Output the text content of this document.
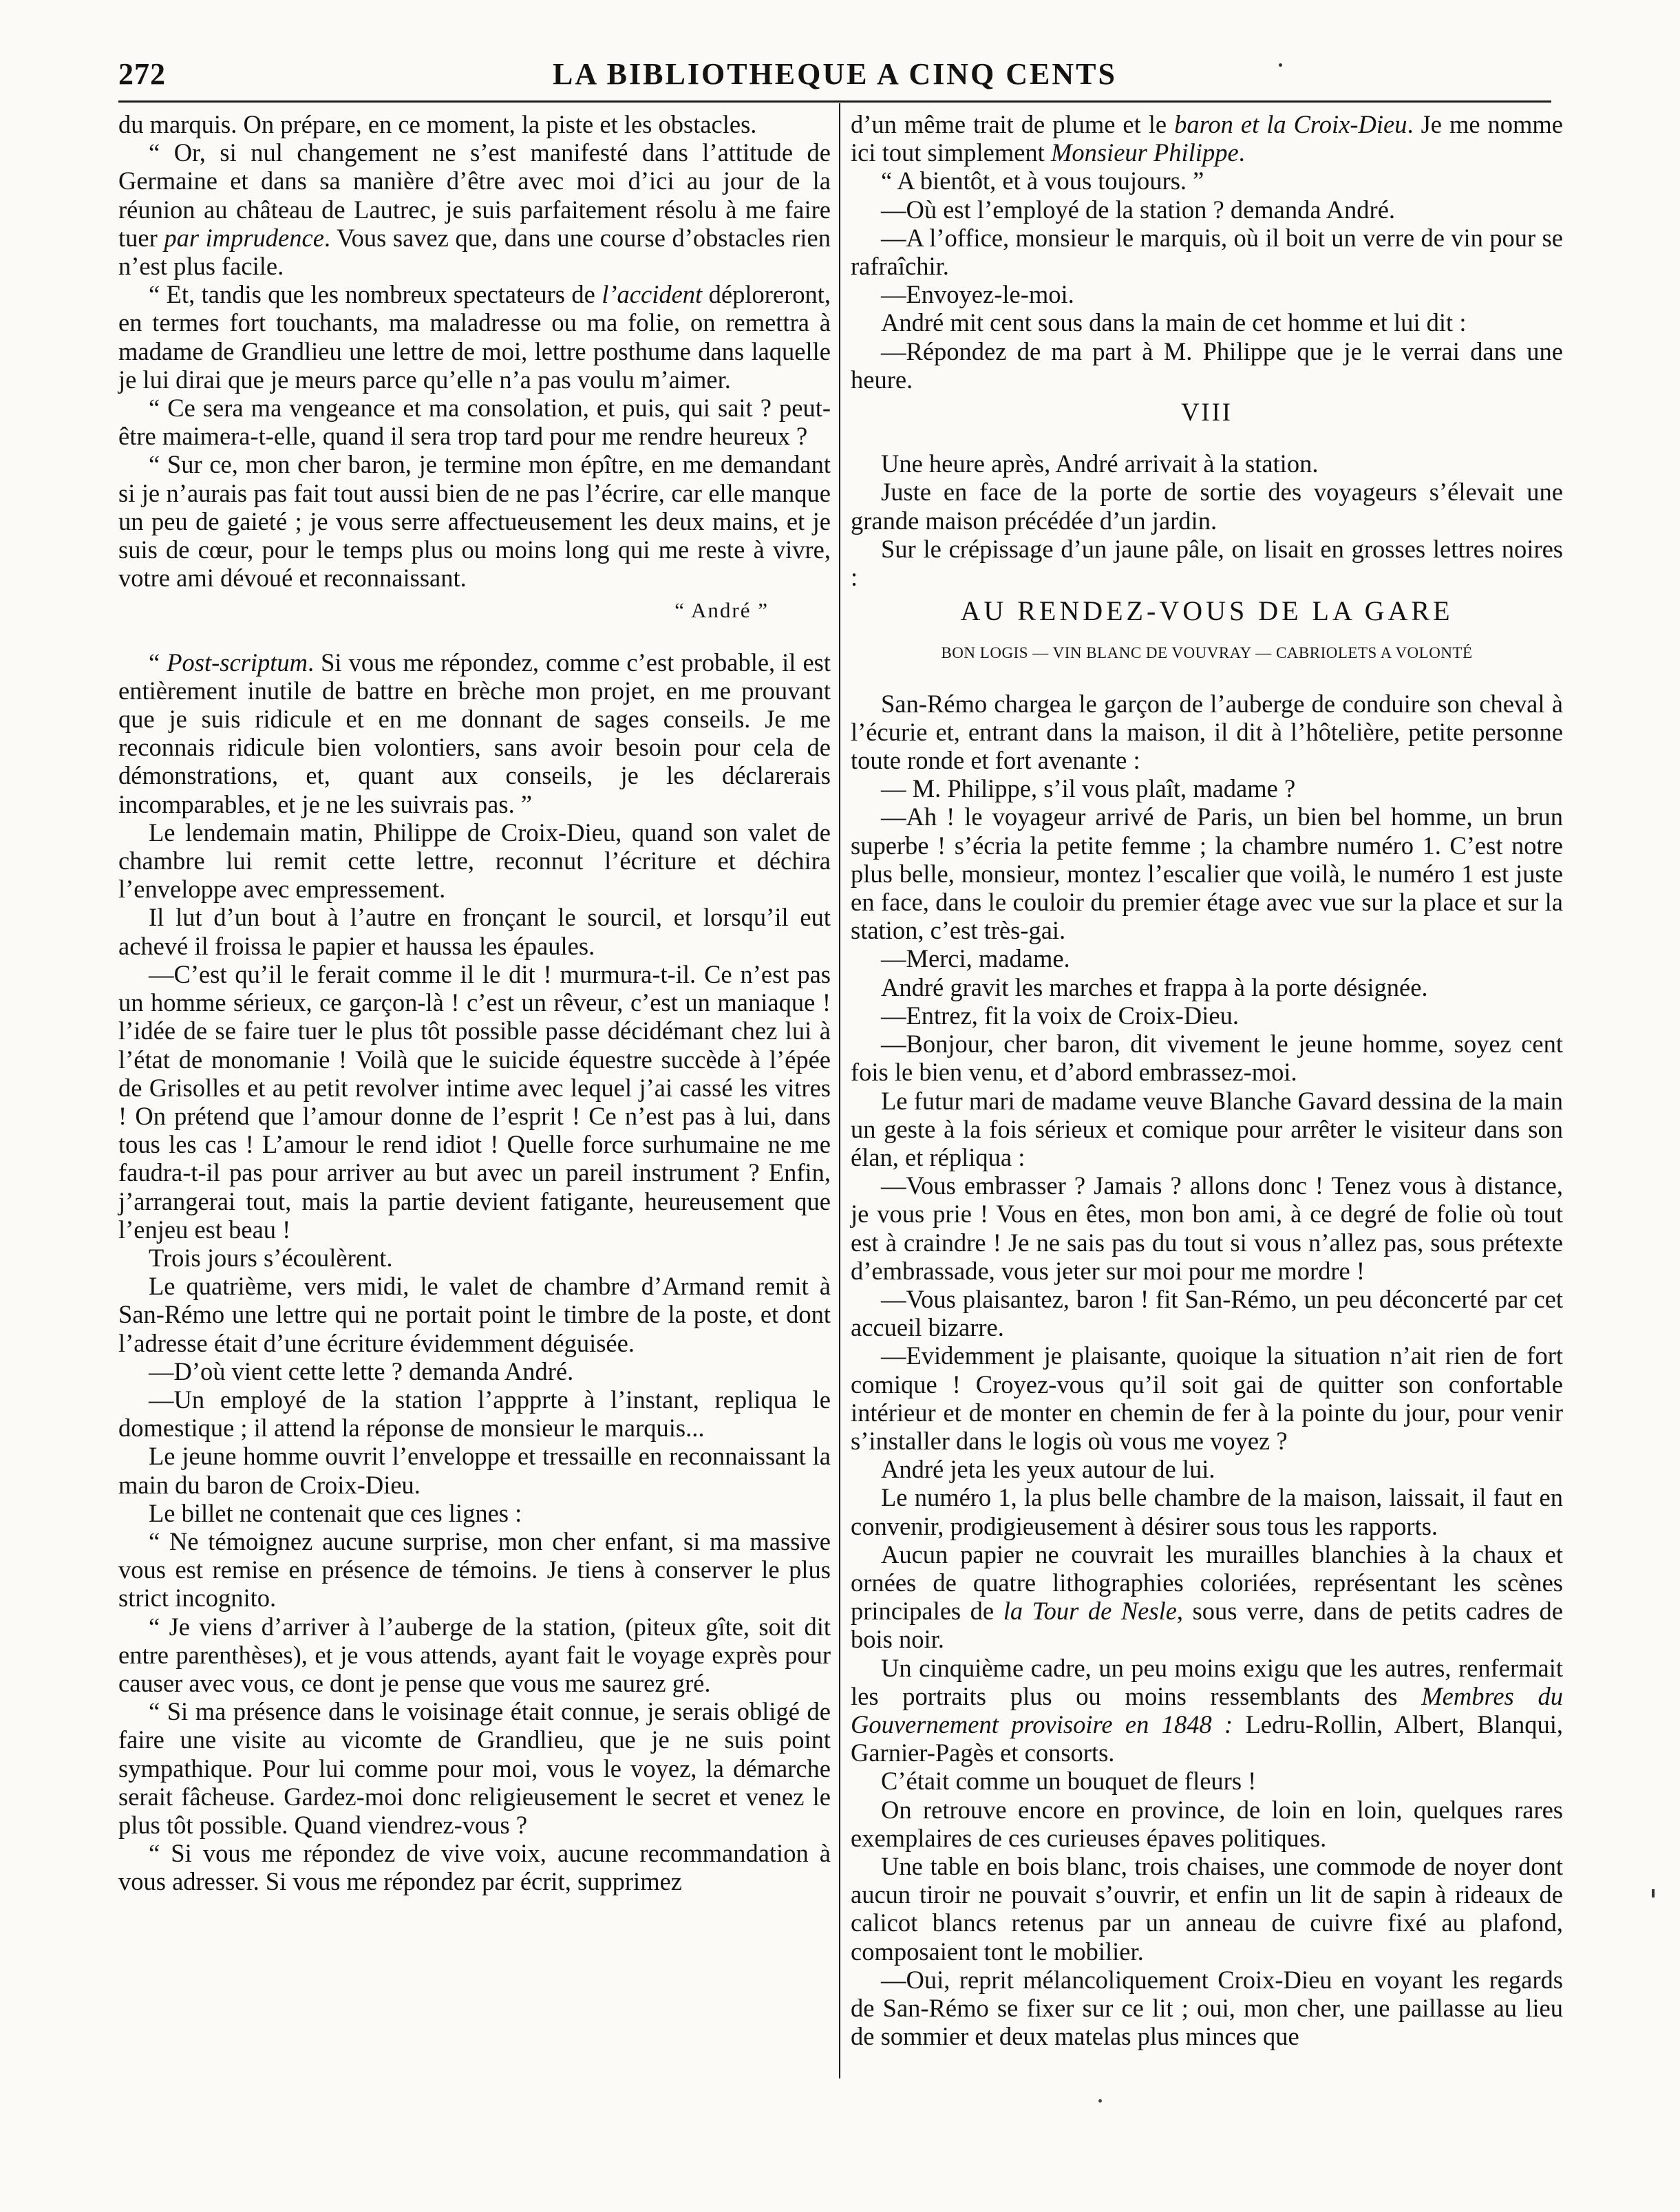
272	LA BIBLIOTHEQUE A CINQ CENTS

du marquis. On prépare, en ce moment, la piste et les obstacles.

“ Or, si nul changement ne s’est manifesté dans l’attitude de Germaine et dans sa manière d’être avec moi d’ici au jour de la réunion au château de Lautrec, je suis parfaitement résolu à me faire tuer par imprudence. Vous savez que, dans une course d’obstacles rien n’est plus facile.

“ Et, tandis que les nombreux spectateurs de l’accident déploreront, en termes fort touchants, ma maladresse ou ma folie, on remettra à madame de Grandlieu une lettre de moi, lettre posthume dans laquelle je lui dirai que je meurs parce qu’elle n’a pas voulu m’aimer.

“ Ce sera ma vengeance et ma consolation, et puis, qui sait ? peut-être maimera-t-elle, quand il sera trop tard pour me rendre heureux ?

“ Sur ce, mon cher baron, je termine mon épître, en me demandant si je n’aurais pas fait tout aussi bien de ne pas l’écrire, car elle manque un peu de gaieté ; je vous serre affectueusement les deux mains, et je suis de cœur, pour le temps plus ou moins long qui me reste à vivre, votre ami dévoué et reconnaissant.

“ André ”

“ Post-scriptum. Si vous me répondez, comme c’est probable, il est entièrement inutile de battre en brèche mon projet, en me prouvant que je suis ridicule et en me donnant de sages conseils. Je me reconnais ridicule bien volontiers, sans avoir besoin pour cela de démonstrations, et, quant aux conseils, je les déclarerais incomparables, et je ne les suivrais pas. ”

Le lendemain matin, Philippe de Croix-Dieu, quand son valet de chambre lui remit cette lettre, reconnut l’écriture et déchira l’enveloppe avec empressement.

Il lut d’un bout à l’autre en fronçant le sourcil, et lorsqu’il eut achevé il froissa le papier et haussa les épaules.

—C’est qu’il le ferait comme il le dit ! murmura-t-il. Ce n’est pas un homme sérieux, ce garçon-là ! c’est un rêveur, c’est un maniaque ! l’idée de se faire tuer le plus tôt possible passe décidémant chez lui à l’état de monomanie ! Voilà que le suicide équestre succède à l’épée de Grisolles et au petit revolver intime avec lequel j’ai cassé les vitres ! On prétend que l’amour donne de l’esprit ! Ce n’est pas à lui, dans tous les cas ! L’amour le rend idiot ! Quelle force surhumaine ne me faudra-t-il pas pour arriver au but avec un pareil instrument ? Enfin, j’arrangerai tout, mais la partie devient fatigante, heureusement que l’enjeu est beau !

Trois jours s’écoulèrent.

Le quatrième, vers midi, le valet de chambre d’Armand remit à San-Rémo une lettre qui ne portait point le timbre de la poste, et dont l’adresse était d’une écriture évidemment déguisée.

—D’où vient cette lette ? demanda André.

—Un employé de la station l’appprte à l’instant, repliqua le domestique ; il attend la réponse de monsieur le marquis...

Le jeune homme ouvrit l’enveloppe et tressaille en reconnaissant la main du baron de Croix-Dieu.

Le billet ne contenait que ces lignes :

“ Ne témoignez aucune surprise, mon cher enfant, si ma massive vous est remise en présence de témoins. Je tiens à conserver le plus strict incognito.

“ Je viens d’arriver à l’auberge de la station, (piteux gîte, soit dit entre parenthèses), et je vous attends, ayant fait le voyage exprès pour causer avec vous, ce dont je pense que vous me saurez gré.

“ Si ma présence dans le voisinage était connue, je serais obligé de faire une visite au vicomte de Grandlieu, que je ne suis point sympathique. Pour lui comme pour moi, vous le voyez, la démarche serait fâcheuse. Gardez-moi donc religieusement le secret et venez le plus tôt possible. Quand viendrez-vous ?

“ Si vous me répondez de vive voix, aucune recommandation à vous adresser. Si vous me répondez par écrit, supprimez

d’un même trait de plume et le baron et la Croix-Dieu. Je me nomme ici tout simplement Monsieur Philippe.

“ A bientôt, et à vous toujours. ”

—Où est l’employé de la station ? demanda André.

—A l’office, monsieur le marquis, où il boit un verre de vin pour se rafraîchir.

—Envoyez-le-moi.

André mit cent sous dans la main de cet homme et lui dit :

—Répondez de ma part à M. Philippe que je le verrai dans une heure.

VIII

Une heure après, André arrivait à la station.

Juste en face de la porte de sortie des voyageurs s’élevait une grande maison précédée d’un jardin.

Sur le crépissage d’un jaune pâle, on lisait en grosses lettres noires :

AU RENDEZ-VOUS DE LA GARE

BON LOGIS — VIN BLANC DE VOUVRAY — CABRIOLETS A VOLONTÉ

San-Rémo chargea le garçon de l’auberge de conduire son cheval à l’écurie et, entrant dans la maison, il dit à l’hôtelière, petite personne toute ronde et fort avenante :

— M. Philippe, s’il vous plaît, madame ?

—Ah ! le voyageur arrivé de Paris, un bien bel homme, un brun superbe ! s’écria la petite femme ; la chambre numéro 1. C’est notre plus belle, monsieur, montez l’escalier que voilà, le numéro 1 est juste en face, dans le couloir du premier étage avec vue sur la place et sur la station, c’est très-gai.

—Merci, madame.

André gravit les marches et frappa à la porte désignée.

—Entrez, fit la voix de Croix-Dieu.

—Bonjour, cher baron, dit vivement le jeune homme, soyez cent fois le bien venu, et d’abord embrassez-moi.

Le futur mari de madame veuve Blanche Gavard dessina de la main un geste à la fois sérieux et comique pour arrêter le visiteur dans son élan, et répliqua :

—Vous embrasser ? Jamais ? allons donc ! Tenez vous à distance, je vous prie ! Vous en êtes, mon bon ami, à ce degré de folie où tout est à craindre ! Je ne sais pas du tout si vous n’allez pas, sous prétexte d’embrassade, vous jeter sur moi pour me mordre !

—Vous plaisantez, baron ! fit San-Rémo, un peu déconcerté par cet accueil bizarre.

—Evidemment je plaisante, quoique la situation n’ait rien de fort comique ! Croyez-vous qu’il soit gai de quitter son confortable intérieur et de monter en chemin de fer à la pointe du jour, pour venir s’installer dans le logis où vous me voyez ?

André jeta les yeux autour de lui.

Le numéro 1, la plus belle chambre de la maison, laissait, il faut en convenir, prodigieusement à désirer sous tous les rapports.

Aucun papier ne couvrait les murailles blanchies à la chaux et ornées de quatre lithographies coloriées, représentant les scènes principales de la Tour de Nesle, sous verre, dans de petits cadres de bois noir.

Un cinquième cadre, un peu moins exigu que les autres, renfermait les portraits plus ou moins ressemblants des Membres du Gouvernement provisoire en 1848 : Ledru-Rollin, Albert, Blanqui, Garnier-Pagès et consorts.

C’était comme un bouquet de fleurs !

On retrouve encore en province, de loin en loin, quelques rares exemplaires de ces curieuses épaves politiques.

Une table en bois blanc, trois chaises, une commode de noyer dont aucun tiroir ne pouvait s’ouvrir, et enfin un lit de sapin à rideaux de calicot blancs retenus par un anneau de cuivre fixé au plafond, composaient tont le mobilier.

—Oui, reprit mélancoliquement Croix-Dieu en voyant les regards de San-Rémo se fixer sur ce lit ; oui, mon cher, une paillasse au lieu de sommier et deux matelas plus minces que
